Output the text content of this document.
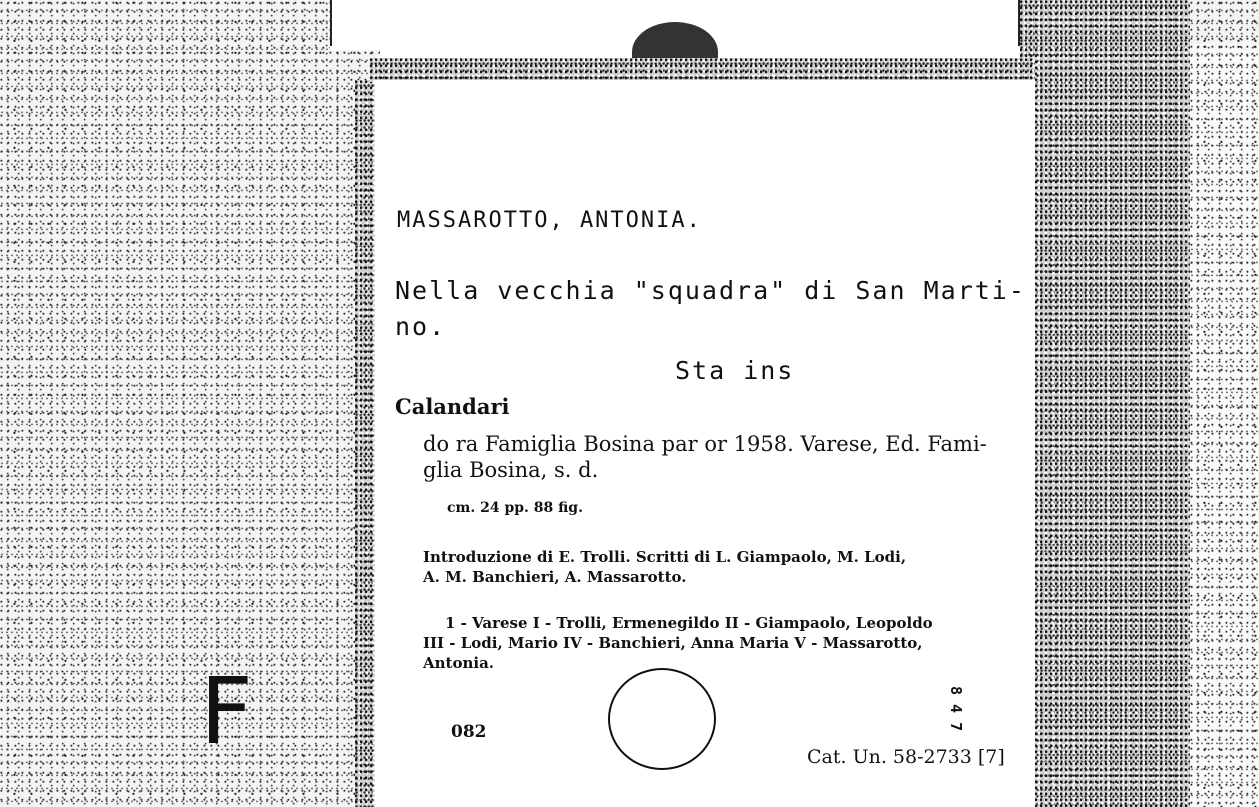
F
MASSAROTTO, ANTONIA.
Nella vecchia "squadra" di San Marti-
no.
Sta ins
Calandari
do ra Famiglia Bosina par or 1958. Varese, Ed. Fami-
glia Bosina, s. d.
cm. 24 pp. 88 fig.
Introduzione di E. Trolli. Scritti di L. Giampaolo, M. Lodi,
A. M. Banchieri, A. Massarotto.
1 - Varese I - Trolli, Ermenegildo II - Giampaolo, Leopoldo
III - Lodi, Mario IV - Banchieri, Anna Maria V - Massarotto,
Antonia.
082
8 4 7
Cat. Un. 58-2733 [7]
